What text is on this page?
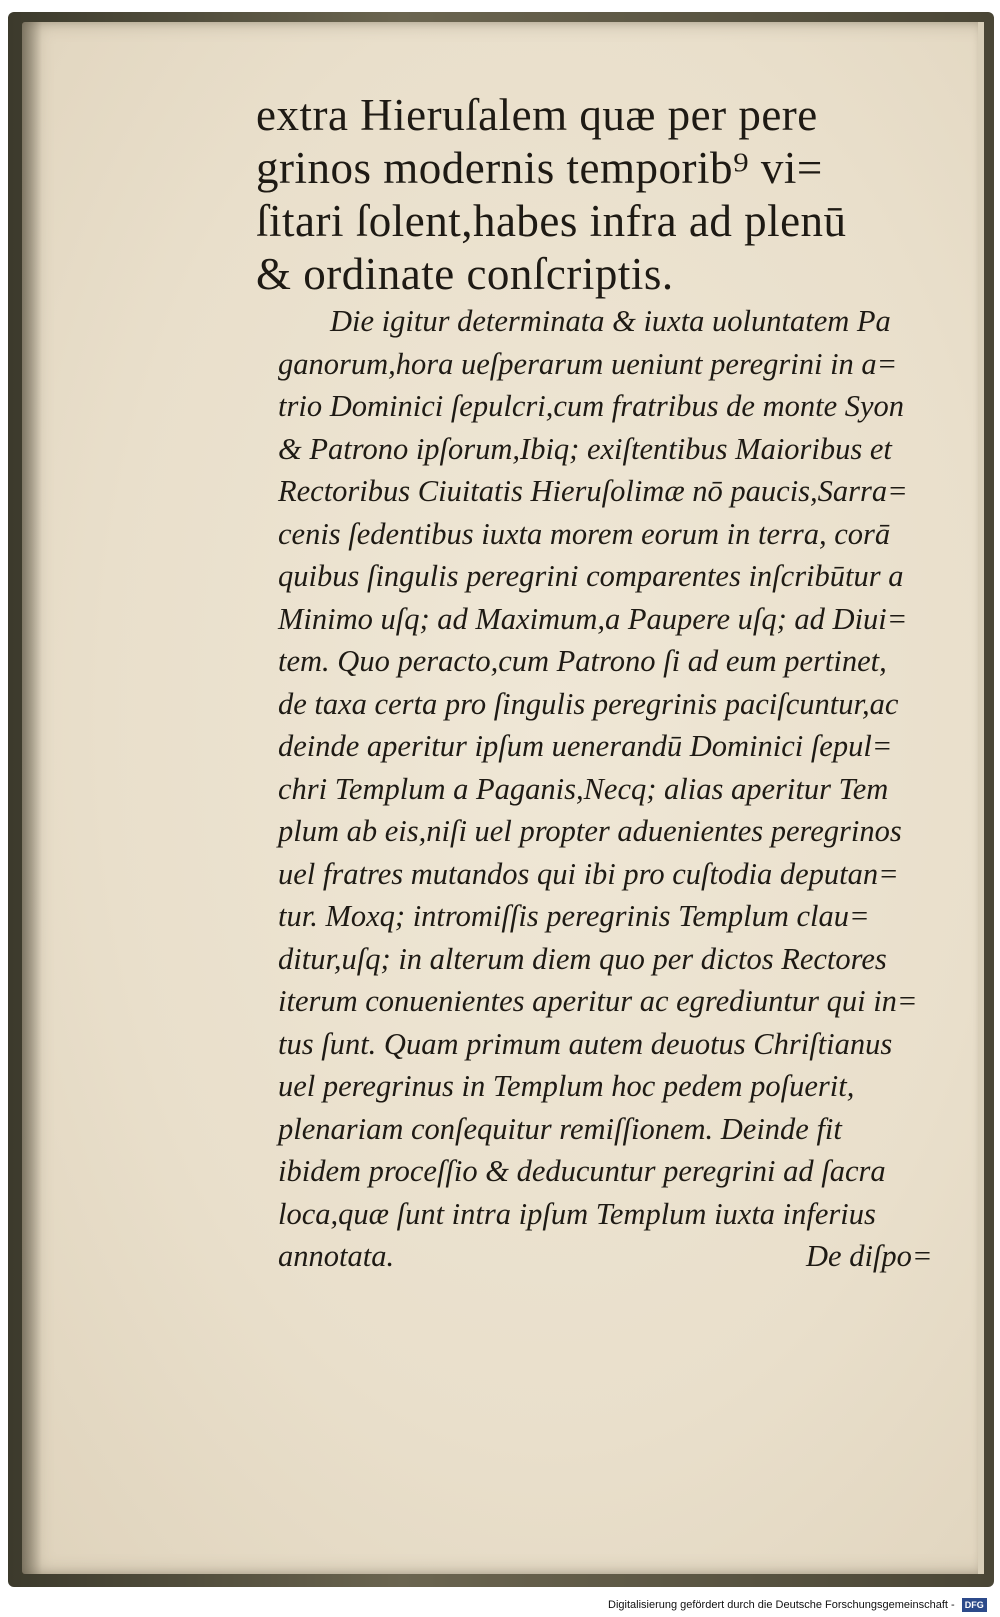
extra Hieruſalem quæ per pere
grinos modernis temporib⁹ vi=
ſitari ſolent,habes infra ad plenū
& ordinate conſcriptis.
Die igitur determinata & iuxta uoluntatem Pa
ganorum,hora ueſperarum ueniunt peregrini in a=
trio Dominici ſepulcri,cum fratribus de monte Syon
& Patrono ipſorum,Ibiq; exiſtentibus Maioribus et
Rectoribus Ciuitatis Hieruſolimæ nō paucis,Sarra=
cenis ſedentibus iuxta morem eorum in terra, corā
quibus ſingulis peregrini comparentes inſcribūtur a
Minimo uſq; ad Maximum,a Paupere uſq; ad Diui=
tem. Quo peracto,cum Patrono ſi ad eum pertinet,
de taxa certa pro ſingulis peregrinis paciſcuntur,ac
deinde aperitur ipſum uenerandū Dominici ſepul=
chri Templum a Paganis,Necq; alias aperitur Tem
plum ab eis,niſi uel propter aduenientes peregrinos
uel fratres mutandos qui ibi pro cuſtodia deputan=
tur. Moxq; intromiſſis peregrinis Templum clau=
ditur,uſq; in alterum diem quo per dictos Rectores
iterum conuenientes aperitur ac egrediuntur qui in=
tus ſunt. Quam primum autem deuotus Chriſtianus
uel peregrinus in Templum hoc pedem poſuerit,
plenariam conſequitur remiſſionem. Deinde fit
ibidem proceſſio & deducuntur peregrini ad ſacra
loca,quæ ſunt intra ipſum Templum iuxta inferius
annotata.	De diſpo=
Digitalisierung gefördert durch die Deutsche Forschungsgemeinschaft - DFG
